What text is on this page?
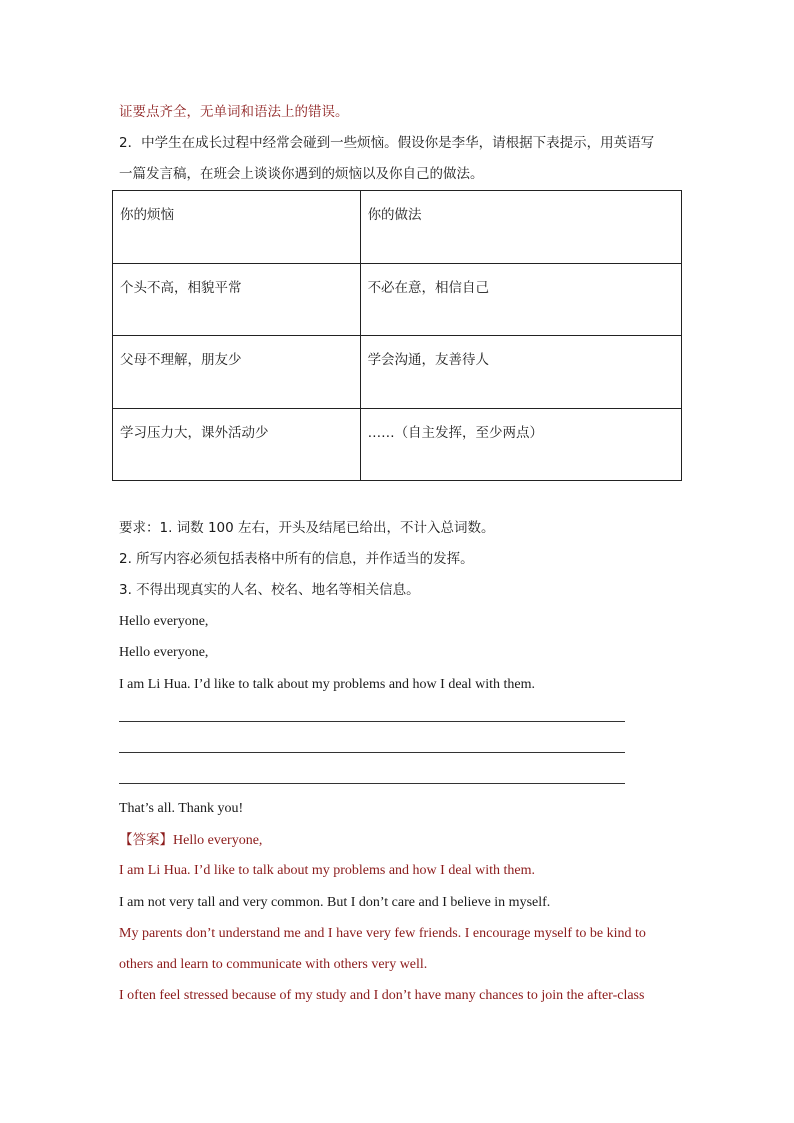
证要点齐全，无单词和语法上的错误。
2．中学生在成长过程中经常会碰到一些烦恼。假设你是李华，请根据下表提示，用英语写
一篇发言稿，在班会上谈谈你遇到的烦恼以及你自己的做法。
你的烦恼	你的做法
个头不高，相貌平常	不必在意，相信自己
父母不理解，朋友少	学会沟通，友善待人
学习压力大，课外活动少	……（自主发挥，至少两点）
要求：1. 词数 100 左右，开头及结尾已给出，不计入总词数。
2. 所写内容必须包括表格中所有的信息，并作适当的发挥。
3. 不得出现真实的人名、校名、地名等相关信息。
Hello everyone,
Hello everyone,
I am Li Hua. I’d like to talk about my problems and how I deal with them.
That’s all. Thank you!
【答案】Hello everyone,
I am Li Hua. I’d like to talk about my problems and how I deal with them.
I am not very tall and very common. But I don’t care and I believe in myself.
My parents don’t understand me and I have very few friends. I encourage myself to be kind to
others and learn to communicate with others very well.
I often feel stressed because of my study and I don’t have many chances to join the after-class
